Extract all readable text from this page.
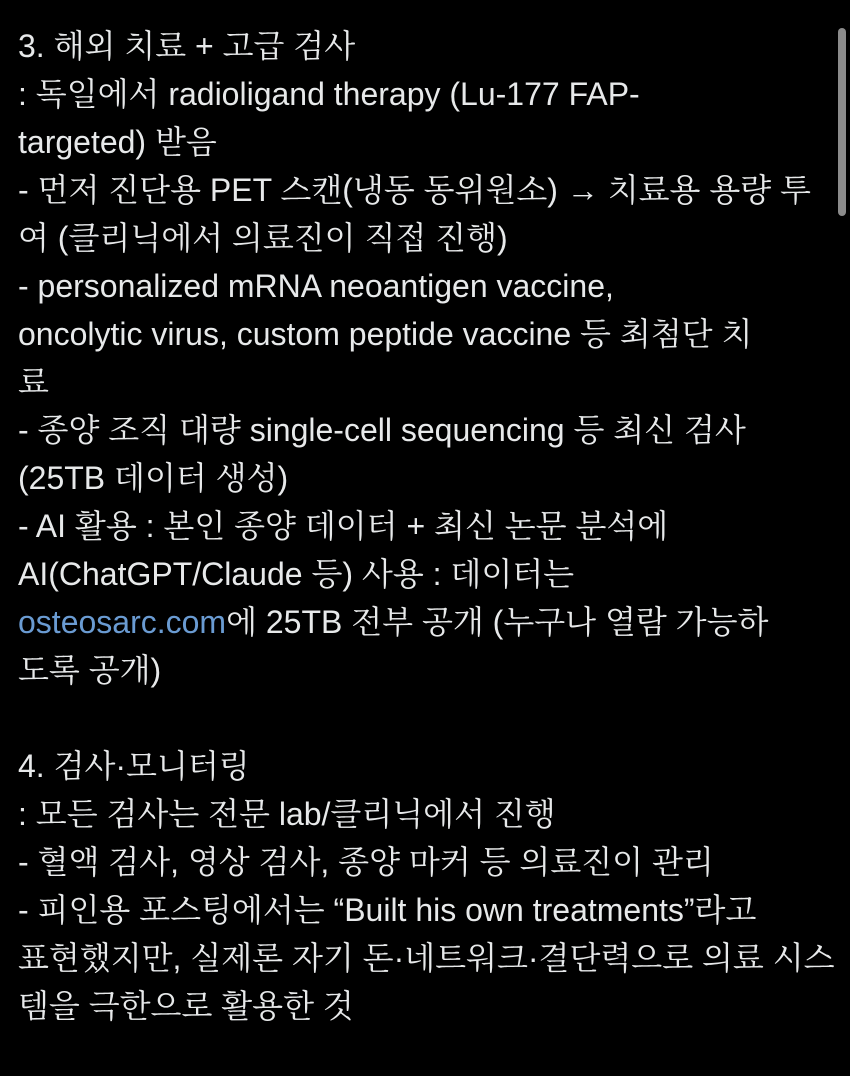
3. 해외 치료 + 고급 검사
: 독일에서 radioligand therapy (Lu-177 FAP-
targeted) 받음
- 먼저 진단용 PET 스캔(냉동 동위원소) → 치료용 용량 투
여 (클리닉에서 의료진이 직접 진행)
- personalized mRNA neoantigen vaccine,
oncolytic virus, custom peptide vaccine 등 최첨단 치
료
- 종양 조직 대량 single-cell sequencing 등 최신 검사
(25TB 데이터 생성)
- AI 활용 : 본인 종양 데이터 + 최신 논문 분석에
AI(ChatGPT/Claude 등) 사용 : 데이터는
osteosarc.com에 25TB 전부 공개 (누구나 열람 가능하
도록 공개)

4. 검사·모니터링
: 모든 검사는 전문 lab/클리닉에서 진행
- 혈액 검사, 영상 검사, 종양 마커 등 의료진이 관리
- 피인용 포스팅에서는 “Built his own treatments”라고
표현했지만, 실제론 자기 돈·네트워크·결단력으로 의료 시스
템을 극한으로 활용한 것
